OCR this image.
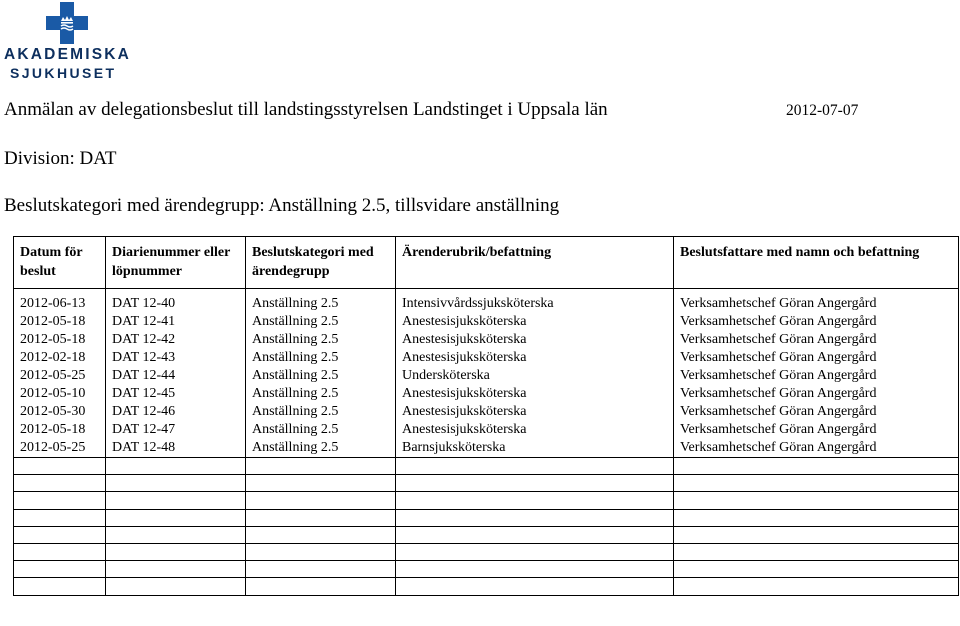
AKADEMISKA
SJUKHUSET
Anmälan av delegationsbeslut till landstingsstyrelsen Landstinget i Uppsala län	2012-07-07
Division: DAT
Beslutskategori med ärendegrupp: Anställning 2.5, tillsvidare anställning
Datum för beslut	Diarienummer eller löpnummer	Beslutskategori med ärendegrupp	Ärenderubrik/befattning	Beslutsfattare med namn och befattning
2012-06-13	DAT 12-40	Anställning 2.5	Intensivvårdssjuksköterska	Verksamhetschef Göran Angergård
2012-05-18	DAT 12-41	Anställning 2.5	Anestesisjuksköterska	Verksamhetschef Göran Angergård
2012-05-18	DAT 12-42	Anställning 2.5	Anestesisjuksköterska	Verksamhetschef Göran Angergård
2012-02-18	DAT 12-43	Anställning 2.5	Anestesisjuksköterska	Verksamhetschef Göran Angergård
2012-05-25	DAT 12-44	Anställning 2.5	Undersköterska	Verksamhetschef Göran Angergård
2012-05-10	DAT 12-45	Anställning 2.5	Anestesisjuksköterska	Verksamhetschef Göran Angergård
2012-05-30	DAT 12-46	Anställning 2.5	Anestesisjuksköterska	Verksamhetschef Göran Angergård
2012-05-18	DAT 12-47	Anställning 2.5	Anestesisjuksköterska	Verksamhetschef Göran Angergård
2012-05-25	DAT 12-48	Anställning 2.5	Barnsjuksköterska	Verksamhetschef Göran Angergård
